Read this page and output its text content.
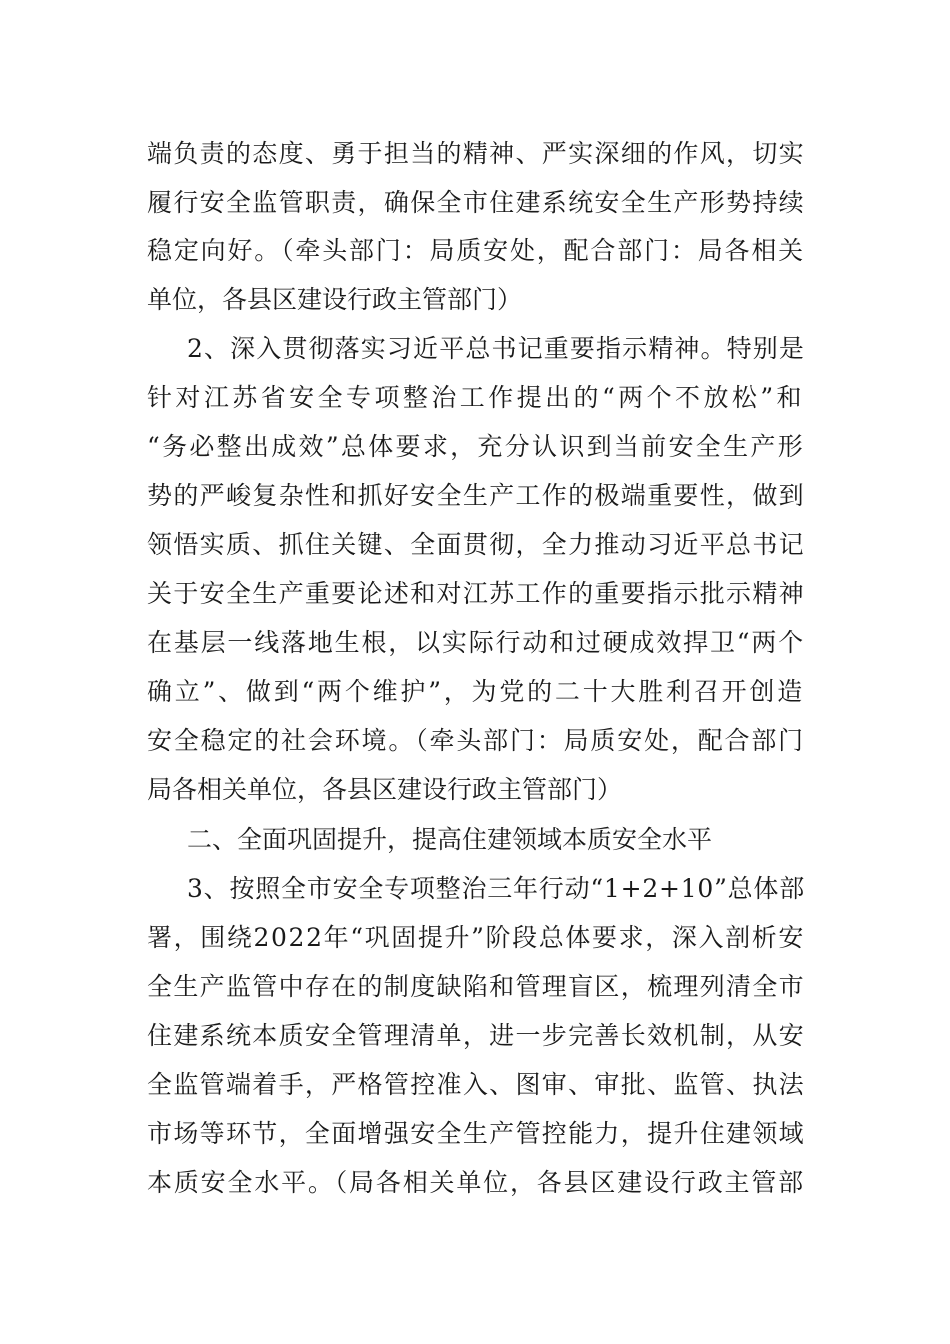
端负责的态度、勇于担当的精神、严实深细的作风，切实
履行安全监管职责，确保全市住建系统安全生产形势持续
稳定向好。（牵头部门：局质安处，配合部门：局各相关
单位，各县区建设行政主管部门）
2、深入贯彻落实习近平总书记重要指示精神。特别是
针对江苏省安全专项整治工作提出的“两个不放松”和
“务必整出成效”总体要求，充分认识到当前安全生产形
势的严峻复杂性和抓好安全生产工作的极端重要性，做到
领悟实质、抓住关键、全面贯彻，全力推动习近平总书记
关于安全生产重要论述和对江苏工作的重要指示批示精神
在基层一线落地生根，以实际行动和过硬成效捍卫“两个
确立”、做到“两个维护”，为党的二十大胜利召开创造
安全稳定的社会环境。（牵头部门：局质安处，配合部门
局各相关单位，各县区建设行政主管部门）
二、全面巩固提升，提高住建领域本质安全水平
3、按照全市安全专项整治三年行动“1+2+10”总体部
署，围绕2022年“巩固提升”阶段总体要求，深入剖析安
全生产监管中存在的制度缺陷和管理盲区，梳理列清全市
住建系统本质安全管理清单，进一步完善长效机制，从安
全监管端着手，严格管控准入、图审、审批、监管、执法
市场等环节，全面增强安全生产管控能力，提升住建领域
本质安全水平。（局各相关单位，各县区建设行政主管部
